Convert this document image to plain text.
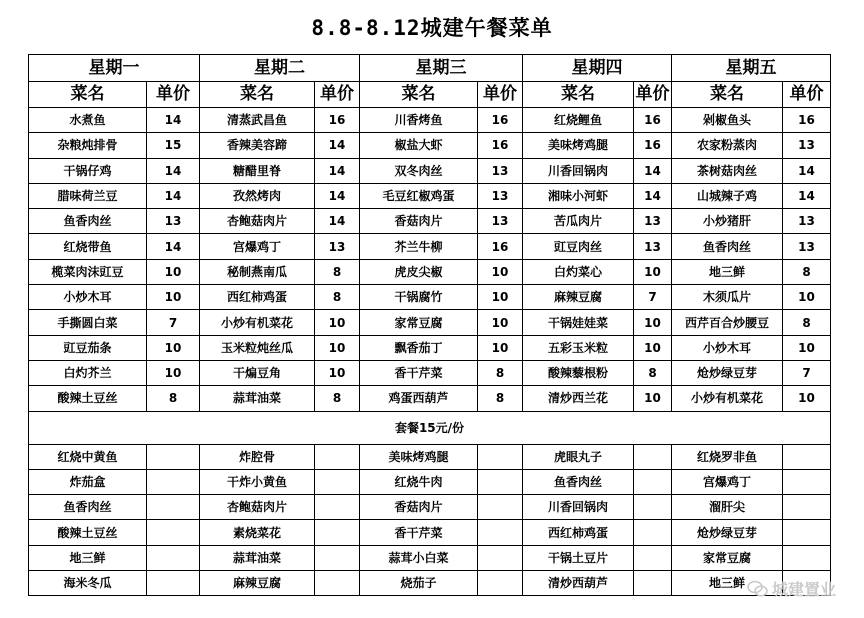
8.8-8.12城建午餐菜单
星期一		星期二		星期三		星期四		星期五	
菜名	单价	菜名	单价	菜名	单价	菜名	单价	菜名	单价
水煮鱼	14	清蒸武昌鱼	16	川香烤鱼	16	红烧鲤鱼	16	剁椒鱼头	16
杂粮炖排骨	15	香辣美容蹄	14	椒盐大虾	16	美味烤鸡腿	16	农家粉蒸肉	13
干锅仔鸡	14	糖醋里脊	14	双冬肉丝	13	川香回锅肉	14	茶树菇肉丝	14
腊味荷兰豆	14	孜然烤肉	14	毛豆红椒鸡蛋	13	湘味小河虾	14	山城辣子鸡	14
鱼香肉丝	13	杏鲍菇肉片	14	香菇肉片	13	苦瓜肉片	13	小炒猪肝	13
红烧带鱼	14	宫爆鸡丁	13	芥兰牛柳	16	豇豆肉丝	13	鱼香肉丝	13
榄菜肉沫豇豆	10	秘制燕南瓜	8	虎皮尖椒	10	白灼菜心	10	地三鲜	8
小炒木耳	10	西红柿鸡蛋	8	干锅腐竹	10	麻辣豆腐	7	木须瓜片	10
手撕圆白菜	7	小炒有机菜花	10	家常豆腐	10	干锅娃娃菜	10	西芹百合炒腰豆	8
豇豆茄条	10	玉米粒炖丝瓜	10	飘香茄丁	10	五彩玉米粒	10	小炒木耳	10
白灼芥兰	10	干煸豆角	10	香干芹菜	8	酸辣藜根粉	8	炝炒绿豆芽	7
酸辣土豆丝	8	蒜茸油菜	8	鸡蛋西葫芦	8	清炒西兰花	10	小炒有机菜花	10
套餐15元/份									
红烧中黄鱼		炸腔骨		美味烤鸡腿		虎眼丸子		红烧罗非鱼	
炸茄盒		干炸小黄鱼		红烧牛肉		鱼香肉丝		宫爆鸡丁	
鱼香肉丝		杏鲍菇肉片		香菇肉片		川香回锅肉		溜肝尖	
酸辣土豆丝		素烧菜花		香干芹菜		西红柿鸡蛋		炝炒绿豆芽	
地三鲜		蒜茸油菜		蒜茸小白菜		干锅土豆片		家常豆腐	
海米冬瓜		麻辣豆腐		烧茄子		清炒西葫芦		地三鲜	城建置业
